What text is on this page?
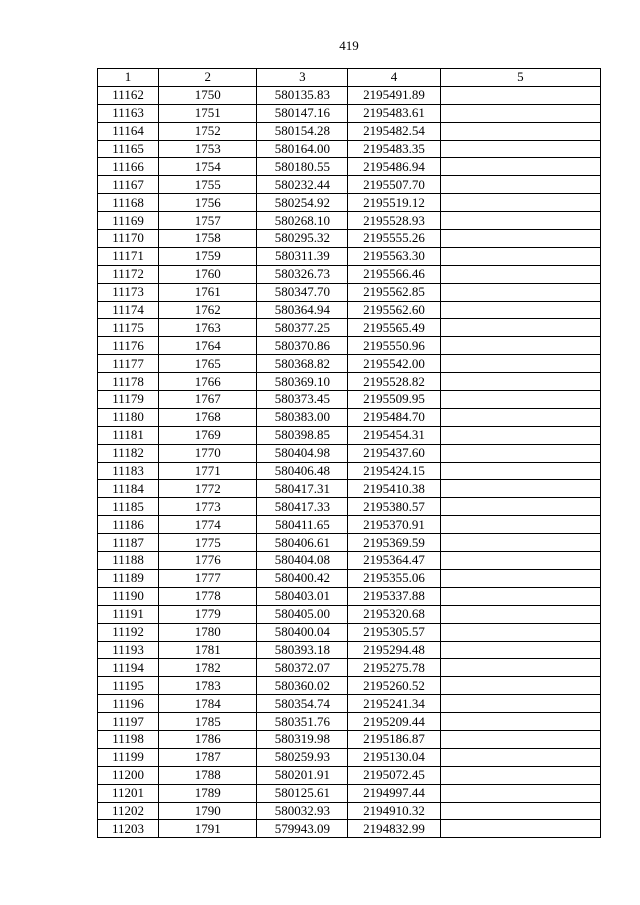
419
1	2	3	4	5
11162	1750	580135.83	2195491.89	
11163	1751	580147.16	2195483.61	
11164	1752	580154.28	2195482.54	
11165	1753	580164.00	2195483.35	
11166	1754	580180.55	2195486.94	
11167	1755	580232.44	2195507.70	
11168	1756	580254.92	2195519.12	
11169	1757	580268.10	2195528.93	
11170	1758	580295.32	2195555.26	
11171	1759	580311.39	2195563.30	
11172	1760	580326.73	2195566.46	
11173	1761	580347.70	2195562.85	
11174	1762	580364.94	2195562.60	
11175	1763	580377.25	2195565.49	
11176	1764	580370.86	2195550.96	
11177	1765	580368.82	2195542.00	
11178	1766	580369.10	2195528.82	
11179	1767	580373.45	2195509.95	
11180	1768	580383.00	2195484.70	
11181	1769	580398.85	2195454.31	
11182	1770	580404.98	2195437.60	
11183	1771	580406.48	2195424.15	
11184	1772	580417.31	2195410.38	
11185	1773	580417.33	2195380.57	
11186	1774	580411.65	2195370.91	
11187	1775	580406.61	2195369.59	
11188	1776	580404.08	2195364.47	
11189	1777	580400.42	2195355.06	
11190	1778	580403.01	2195337.88	
11191	1779	580405.00	2195320.68	
11192	1780	580400.04	2195305.57	
11193	1781	580393.18	2195294.48	
11194	1782	580372.07	2195275.78	
11195	1783	580360.02	2195260.52	
11196	1784	580354.74	2195241.34	
11197	1785	580351.76	2195209.44	
11198	1786	580319.98	2195186.87	
11199	1787	580259.93	2195130.04	
11200	1788	580201.91	2195072.45	
11201	1789	580125.61	2194997.44	
11202	1790	580032.93	2194910.32	
11203	1791	579943.09	2194832.99	
